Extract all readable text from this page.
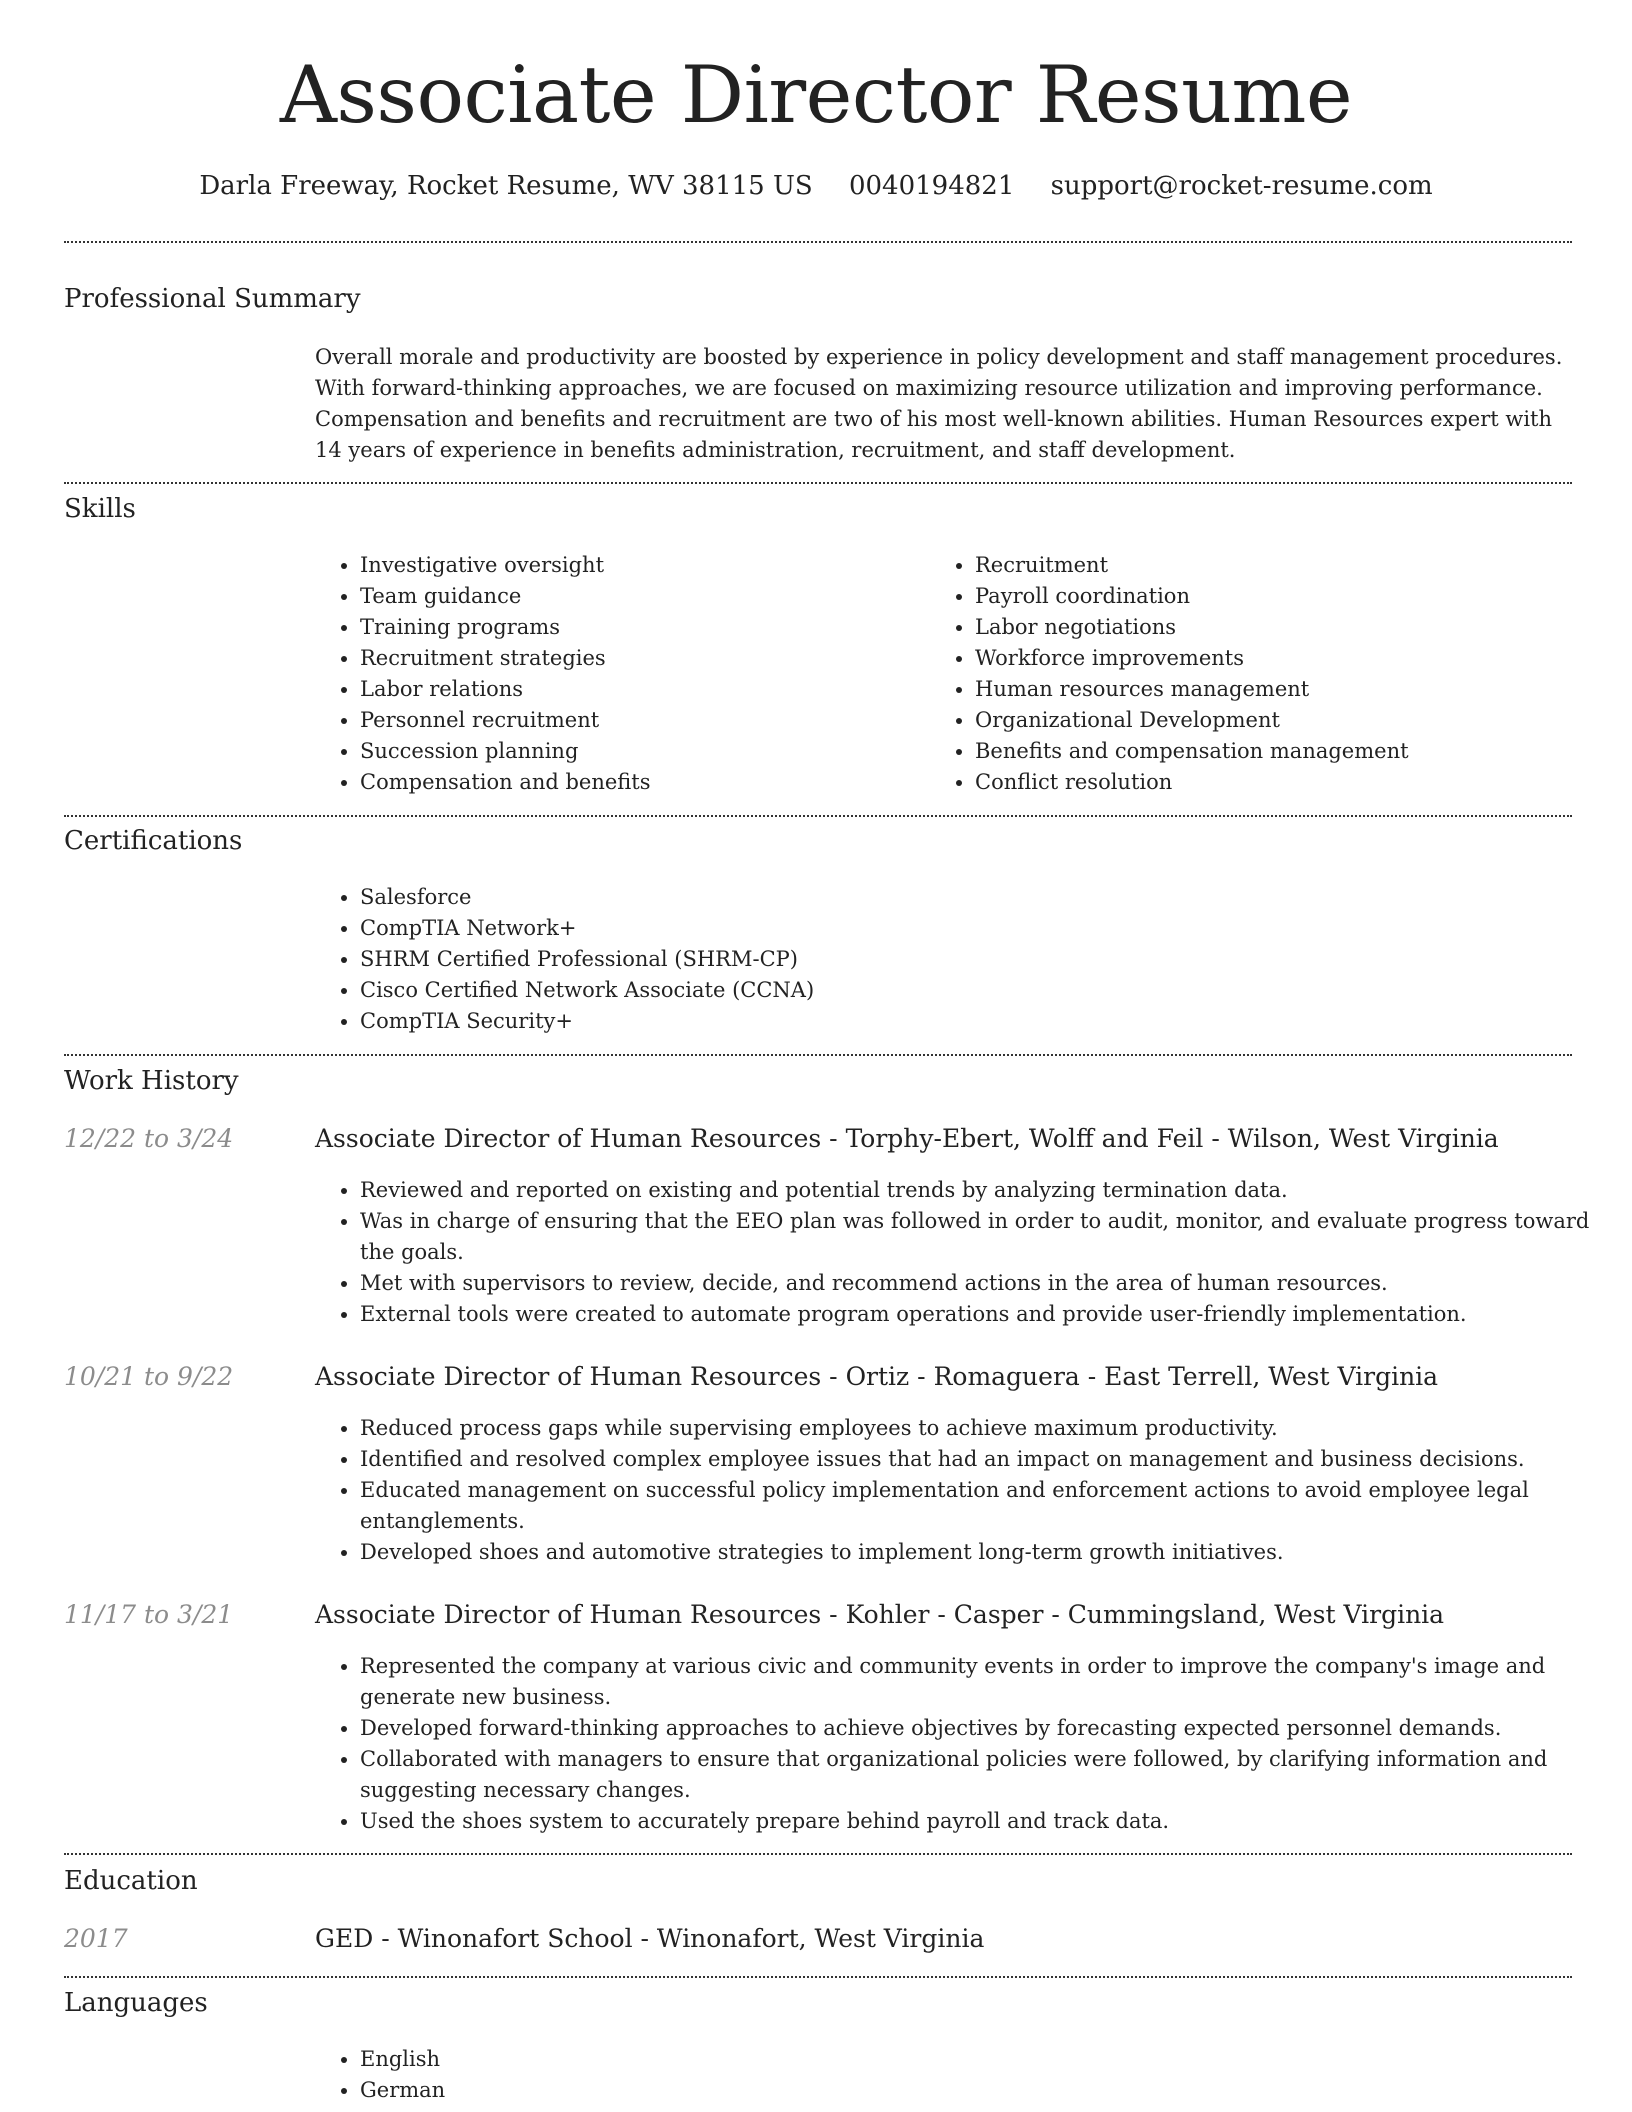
Associate Director Resume
Darla Freeway, Rocket Resume, WV 38115 US 0040194821 support@rocket-resume.com
Professional Summary

Overall morale and productivity are boosted by experience in policy development and staff management procedures. With forward-thinking approaches, we are focused on maximizing resource utilization and improving performance. Compensation and benefits and recruitment are two of his most well-known abilities. Human Resources expert with 14 years of experience in benefits administration, recruitment, and staff development.

Skills
• Investigative oversight
• Team guidance
• Training programs
• Recruitment strategies
• Labor relations
• Personnel recruitment
• Succession planning
• Compensation and benefits
• Recruitment
• Payroll coordination
• Labor negotiations
• Workforce improvements
• Human resources management
• Organizational Development
• Benefits and compensation management
• Conflict resolution
Certifications
• Salesforce
• CompTIA Network+
• SHRM Certified Professional (SHRM-CP)
• Cisco Certified Network Associate (CCNA)
• CompTIA Security+
Work History
12/22 to 3/24	Associate Director of Human Resources - Torphy-Ebert, Wolff and Feil - Wilson, West Virginia
• Reviewed and reported on existing and potential trends by analyzing termination data.
• Was in charge of ensuring that the EEO plan was followed in order to audit, monitor, and evaluate progress toward the goals.
• Met with supervisors to review, decide, and recommend actions in the area of human resources.
• External tools were created to automate program operations and provide user-friendly implementation.
10/21 to 9/22	Associate Director of Human Resources - Ortiz - Romaguera - East Terrell, West Virginia
• Reduced process gaps while supervising employees to achieve maximum productivity.
• Identified and resolved complex employee issues that had an impact on management and business decisions.
• Educated management on successful policy implementation and enforcement actions to avoid employee legal entanglements.
• Developed shoes and automotive strategies to implement long-term growth initiatives.
11/17 to 3/21	Associate Director of Human Resources - Kohler - Casper - Cummingsland, West Virginia
• Represented the company at various civic and community events in order to improve the company's image and generate new business.
• Developed forward-thinking approaches to achieve objectives by forecasting expected personnel demands.
• Collaborated with managers to ensure that organizational policies were followed, by clarifying information and suggesting necessary changes.
• Used the shoes system to accurately prepare behind payroll and track data.
Education
2017	GED - Winonafort School - Winonafort, West Virginia
Languages
• English
• German
